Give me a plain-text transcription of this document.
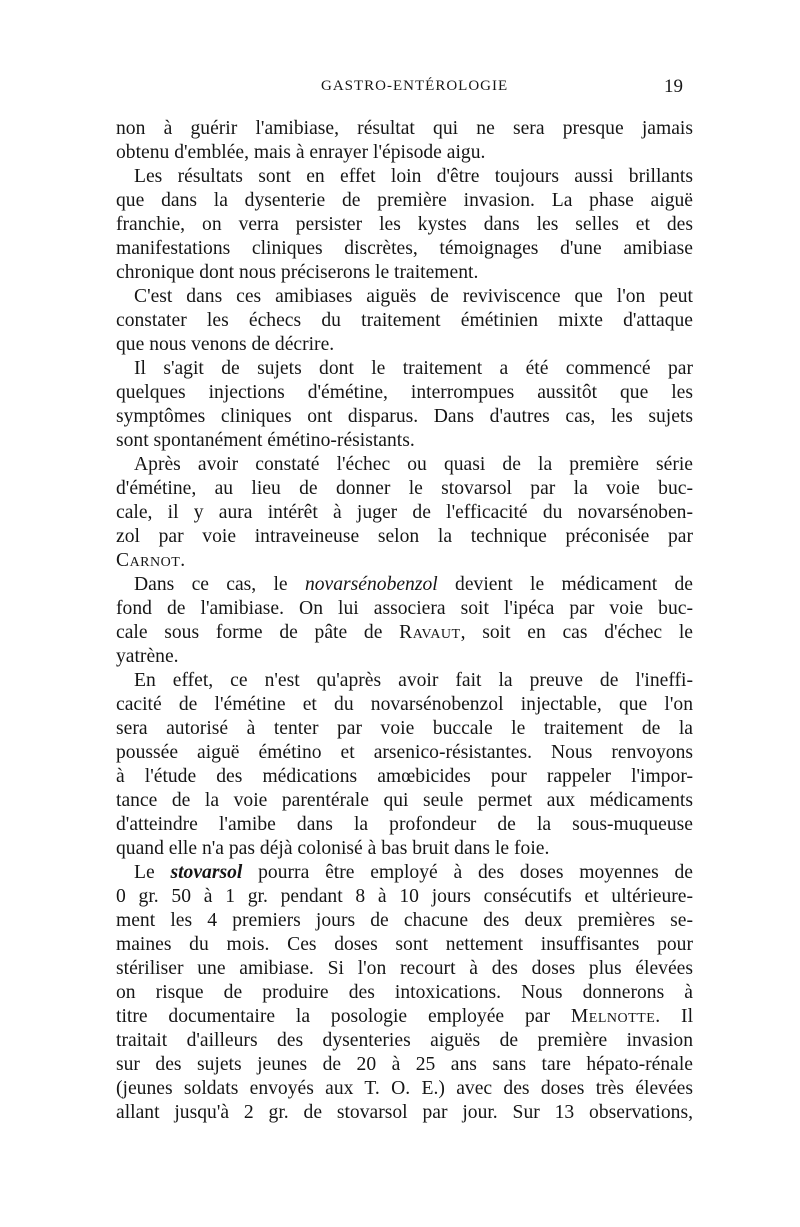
GASTRO-ENTÉROLOGIE	19
non à guérir l'amibiase, résultat qui ne sera presque jamais
obtenu d'emblée, mais à enrayer l'épisode aigu.
Les résultats sont en effet loin d'être toujours aussi brillants
que dans la dysenterie de première invasion. La phase aiguë
franchie, on verra persister les kystes dans les selles et des
manifestations cliniques discrètes, témoignages d'une amibiase
chronique dont nous préciserons le traitement.
C'est dans ces amibiases aiguës de reviviscence que l'on peut
constater les échecs du traitement émétinien mixte d'attaque
que nous venons de décrire.
Il s'agit de sujets dont le traitement a été commencé par
quelques injections d'émétine, interrompues aussitôt que les
symptômes cliniques ont disparus. Dans d'autres cas, les sujets
sont spontanément émétino-résistants.
Après avoir constaté l'échec ou quasi de la première série
d'émétine, au lieu de donner le stovarsol par la voie buc-
cale, il y aura intérêt à juger de l'efficacité du novarsénoben-
zol par voie intraveineuse selon la technique préconisée par
Carnot.
Dans ce cas, le novarsénobenzol devient le médicament de
fond de l'amibiase. On lui associera soit l'ipéca par voie buc-
cale sous forme de pâte de Ravaut, soit en cas d'échec le
yatrène.
En effet, ce n'est qu'après avoir fait la preuve de l'ineffi-
cacité de l'émétine et du novarsénobenzol injectable, que l'on
sera autorisé à tenter par voie buccale le traitement de la
poussée aiguë émétino et arsenico-résistantes. Nous renvoyons
à l'étude des médications amœbicides pour rappeler l'impor-
tance de la voie parentérale qui seule permet aux médicaments
d'atteindre l'amibe dans la profondeur de la sous-muqueuse
quand elle n'a pas déjà colonisé à bas bruit dans le foie.
Le stovarsol pourra être employé à des doses moyennes de
0 gr. 50 à 1 gr. pendant 8 à 10 jours consécutifs et ultérieure-
ment les 4 premiers jours de chacune des deux premières se-
maines du mois. Ces doses sont nettement insuffisantes pour
stériliser une amibiase. Si l'on recourt à des doses plus élevées
on risque de produire des intoxications. Nous donnerons à
titre documentaire la posologie employée par Melnotte. Il
traitait d'ailleurs des dysenteries aiguës de première invasion
sur des sujets jeunes de 20 à 25 ans sans tare hépato-rénale
(jeunes soldats envoyés aux T. O. E.) avec des doses très élevées
allant jusqu'à 2 gr. de stovarsol par jour. Sur 13 observations,
